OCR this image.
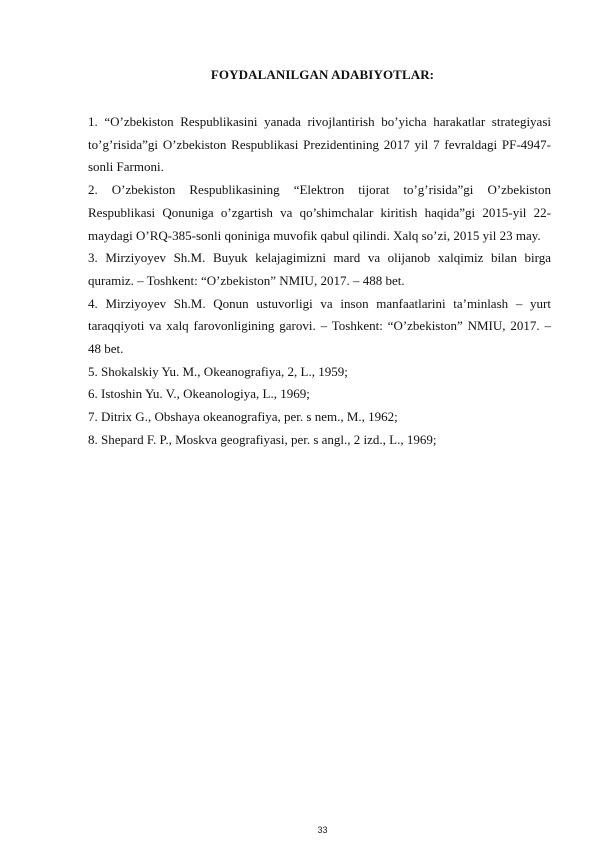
FOYDALANILGAN ADABIYOTLAR:

1. “O’zbekiston Respublikasini yanada rivojlantirish bo’yicha harakatlar strategiyasi to’g’risida”gi O’zbekiston Respublikasi Prezidentining 2017 yil 7 fevraldagi PF-4947-sonli Farmoni.

2. O’zbekiston Respublikasining “Elektron tijorat to’g’risida”gi O’zbekiston Respublikasi Qonuniga o’zgartish va qo’shimchalar kiritish haqida”gi 2015-yil 22-maydagi O’RQ-385-sonli qoniniga muvofik qabul qilindi. Xalq so’zi, 2015 yil 23 may.

3. Mirziyoyev Sh.M. Buyuk kelajagimizni mard va olijanob xalqimiz bilan birga quramiz. – Toshkent: “O’zbekiston” NMIU, 2017. – 488 bet.

4. Mirziyoyev Sh.M. Qonun ustuvorligi va inson manfaatlarini ta’minlash – yurt taraqqiyoti va xalq farovonligining garovi. – Toshkent: “O’zbekiston” NMIU, 2017. – 48 bet.

5. Shokalskiy Yu. M., Okeanografiya, 2, L., 1959;

6. Istoshin Yu. V., Okeanologiya, L., 1969;

7. Ditrix G., Obshaya okeanografiya, per. s nem., M., 1962;

8. Shepard F. P., Moskva geografiyasi, per. s angl., 2 izd., L., 1969;

33
